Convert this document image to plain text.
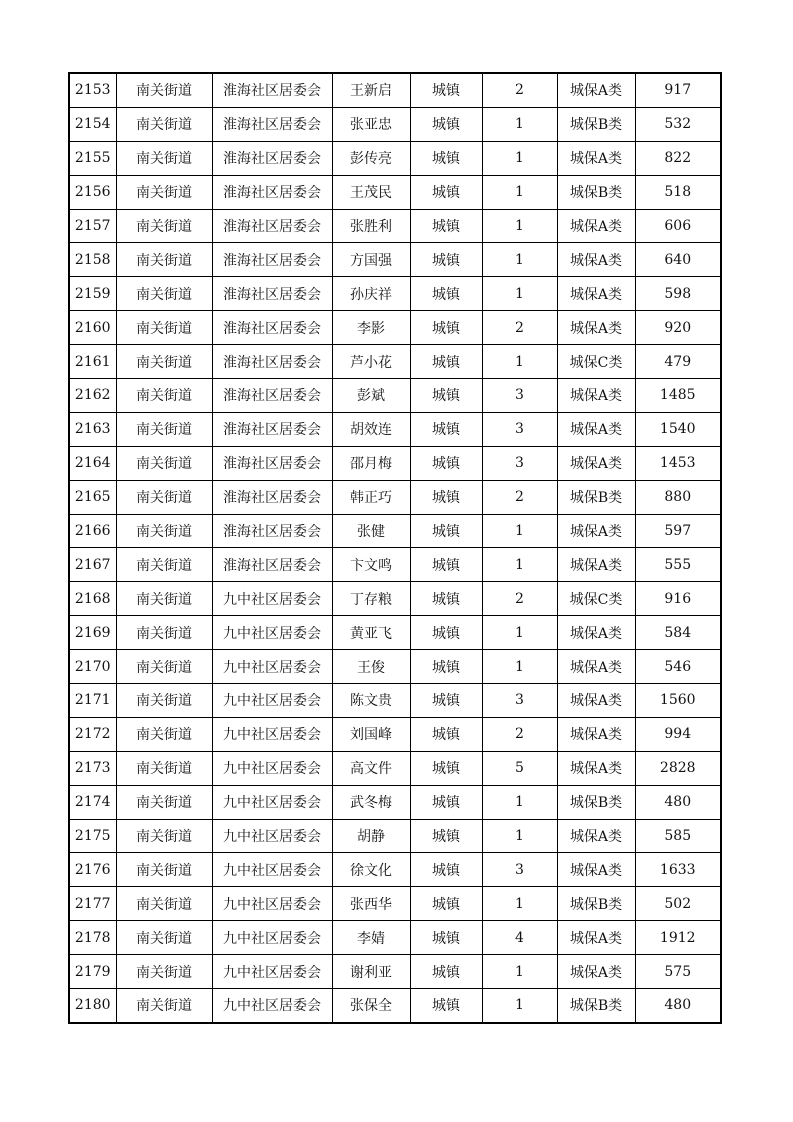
2153	南关街道	淮海社区居委会	王新启	城镇	2	城保A类	917
2154	南关街道	淮海社区居委会	张亚忠	城镇	1	城保B类	532
2155	南关街道	淮海社区居委会	彭传亮	城镇	1	城保A类	822
2156	南关街道	淮海社区居委会	王茂民	城镇	1	城保B类	518
2157	南关街道	淮海社区居委会	张胜利	城镇	1	城保A类	606
2158	南关街道	淮海社区居委会	方国强	城镇	1	城保A类	640
2159	南关街道	淮海社区居委会	孙庆祥	城镇	1	城保A类	598
2160	南关街道	淮海社区居委会	李影	城镇	2	城保A类	920
2161	南关街道	淮海社区居委会	芦小花	城镇	1	城保C类	479
2162	南关街道	淮海社区居委会	彭斌	城镇	3	城保A类	1485
2163	南关街道	淮海社区居委会	胡效连	城镇	3	城保A类	1540
2164	南关街道	淮海社区居委会	邵月梅	城镇	3	城保A类	1453
2165	南关街道	淮海社区居委会	韩正巧	城镇	2	城保B类	880
2166	南关街道	淮海社区居委会	张健	城镇	1	城保A类	597
2167	南关街道	淮海社区居委会	卞文鸣	城镇	1	城保A类	555
2168	南关街道	九中社区居委会	丁存粮	城镇	2	城保C类	916
2169	南关街道	九中社区居委会	黄亚飞	城镇	1	城保A类	584
2170	南关街道	九中社区居委会	王俊	城镇	1	城保A类	546
2171	南关街道	九中社区居委会	陈文贵	城镇	3	城保A类	1560
2172	南关街道	九中社区居委会	刘国峰	城镇	2	城保A类	994
2173	南关街道	九中社区居委会	高文件	城镇	5	城保A类	2828
2174	南关街道	九中社区居委会	武冬梅	城镇	1	城保B类	480
2175	南关街道	九中社区居委会	胡静	城镇	1	城保A类	585
2176	南关街道	九中社区居委会	徐文化	城镇	3	城保A类	1633
2177	南关街道	九中社区居委会	张西华	城镇	1	城保B类	502
2178	南关街道	九中社区居委会	李婧	城镇	4	城保A类	1912
2179	南关街道	九中社区居委会	谢利亚	城镇	1	城保A类	575
2180	南关街道	九中社区居委会	张保全	城镇	1	城保B类	480
